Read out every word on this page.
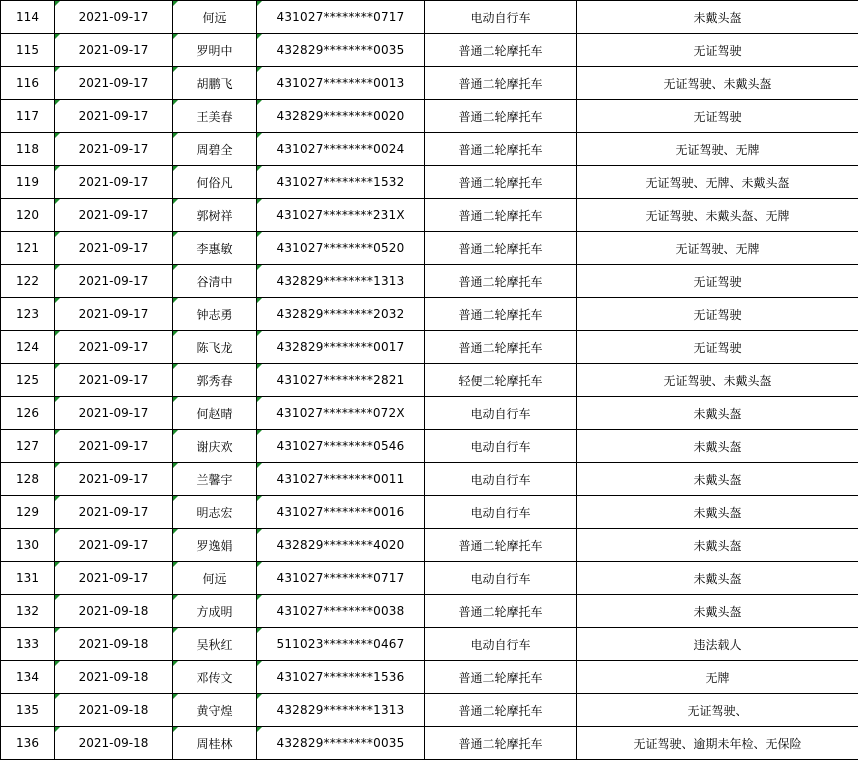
114	2021-09-17	何远	431027********0717	电动自行车	未戴头盔
115	2021-09-17	罗明中	432829********0035	普通二轮摩托车	无证驾驶
116	2021-09-17	胡鹏飞	431027********0013	普通二轮摩托车	无证驾驶、未戴头盔
117	2021-09-17	王美春	432829********0020	普通二轮摩托车	无证驾驶
118	2021-09-17	周碧全	431027********0024	普通二轮摩托车	无证驾驶、无牌
119	2021-09-17	何俗凡	431027********1532	普通二轮摩托车	无证驾驶、无牌、未戴头盔
120	2021-09-17	郭树祥	431027********231X	普通二轮摩托车	无证驾驶、未戴头盔、无牌
121	2021-09-17	李惠敏	431027********0520	普通二轮摩托车	无证驾驶、无牌
122	2021-09-17	谷清中	432829********1313	普通二轮摩托车	无证驾驶
123	2021-09-17	钟志勇	432829********2032	普通二轮摩托车	无证驾驶
124	2021-09-17	陈飞龙	432829********0017	普通二轮摩托车	无证驾驶
125	2021-09-17	郭秀春	431027********2821	轻便二轮摩托车	无证驾驶、未戴头盔
126	2021-09-17	何赵晴	431027********072X	电动自行车	未戴头盔
127	2021-09-17	谢庆欢	431027********0546	电动自行车	未戴头盔
128	2021-09-17	兰馨宇	431027********0011	电动自行车	未戴头盔
129	2021-09-17	明志宏	431027********0016	电动自行车	未戴头盔
130	2021-09-17	罗逸娟	432829********4020	普通二轮摩托车	未戴头盔
131	2021-09-17	何远	431027********0717	电动自行车	未戴头盔
132	2021-09-18	方成明	431027********0038	普通二轮摩托车	未戴头盔
133	2021-09-18	吴秋红	511023********0467	电动自行车	违法载人
134	2021-09-18	邓传文	431027********1536	普通二轮摩托车	无牌
135	2021-09-18	黄守煌	432829********1313	普通二轮摩托车	无证驾驶、
136	2021-09-18	周桂林	432829********0035	普通二轮摩托车	无证驾驶、逾期未年检、无保险
